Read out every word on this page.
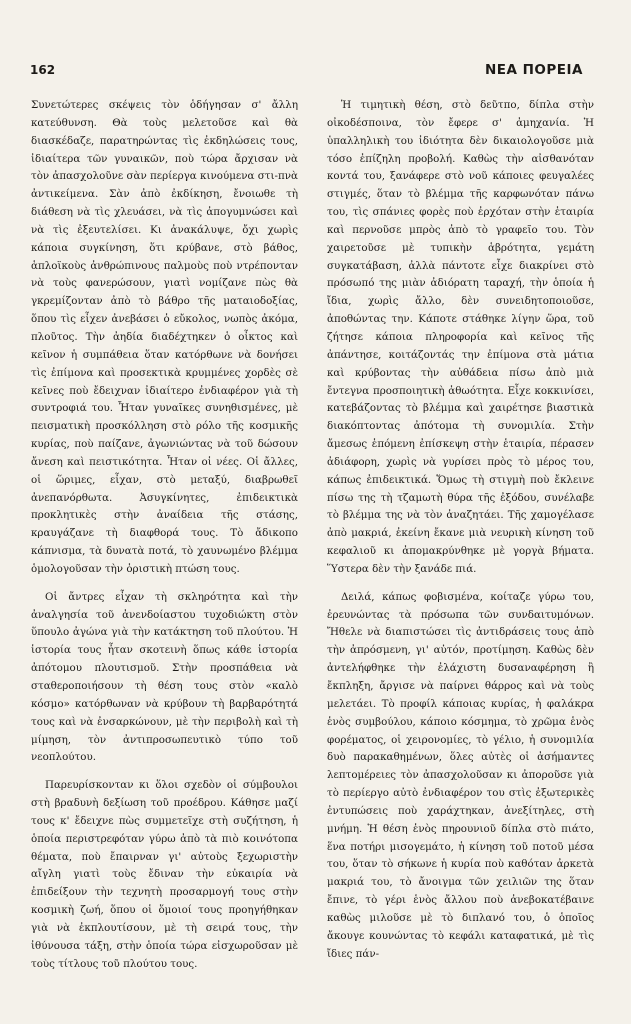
162	ΝΕΑ ΠΟΡΕΙΑ

Συνετώτερες σκέψεις τὸν ὁδήγησαν σ' ἄλλη κατεύθυνση. Θὰ τοὺς μελετοῦσε καὶ θὰ διασκέδαζε, παρατηρώντας τὶς ἐκδηλώσεις τους, ἰδιαίτερα τῶν γυναικῶν, ποὺ τώρα ἄρχισαν νὰ τὸν ἀπασχολοῦνε σὰν περίεργα κινούμενα στι-πνὰ ἀντικείμενα. Σὰν ἀπὸ ἐκδίκηση, ἔνοιωθε τὴ διάθεση νὰ τὶς χλευάσει, νὰ τὶς ἀπογυμνώσει καὶ νὰ τὶς ἐξευτελίσει. Κι ἀνακάλυψε, ὄχι χωρὶς κάποια συγκίνηση, ὅτι κρύβανε, στὸ βάθος, ἁπλοϊκοὺς ἀνθρώπινους παλμοὺς ποὺ ντρέπονταν νὰ τοὺς φανερώσουν, γιατὶ νομίζανε πὼς θὰ γκρεμίζονταν ἀπὸ τὸ βάθρο τῆς ματαιοδοξίας, ὅπου τὶς εἶχεν ἀνεβάσει ὁ εὔκολος, νωπὸς ἀκόμα, πλοῦτος. Τὴν ἀηδία διαδέχτηκεν ὁ οἶκτος καὶ κεῖνον ἡ συμπάθεια ὅταν κατόρθωνε νὰ δονήσει τὶς ἐπίμονα καὶ προσεκτικὰ κρυμμένες χορδὲς σὲ κεῖνες ποὺ ἔδειχναν ἰδιαίτερο ἐνδιαφέρον γιὰ τὴ συντροφιά του. Ἦταν γυναῖκες συνηθισμένες, μὲ πεισματικὴ προσκόλληση στὸ ρόλο τῆς κοσμικῆς κυρίας, ποὺ παίζανε, ἀγωνιώντας νὰ τοῦ δώσουν ἄνεση καὶ πειστικότητα. Ἦταν οἱ νέες. Οἱ ἄλλες, οἱ ὥριμες, εἶχαν, στὸ μεταξύ, διαβρωθεῖ ἀνεπανόρθωτα. Ἀσυγκίνητες, ἐπιδεικτικὰ προκλητικὲς στὴν ἀναίδεια τῆς στάσης, κραυγάζανε τὴ διαφθορά τους. Τὸ ἄδικοπο κάπνισμα, τὰ δυνατὰ ποτά, τὸ χαυνωμένο βλέμμα ὁμολογοῦσαν τὴν ὁριστικὴ πτώση τους.

Οἱ ἄντρες εἶχαν τὴ σκληρότητα καὶ τὴν ἀναλγησία τοῦ ἀνενδοίαστου τυχοδιώκτη στὸν ὕπουλο ἀγώνα γιὰ τὴν κατάκτηση τοῦ πλούτου. Ἡ ἱστορία τους ἦταν σκοτεινὴ ὅπως κάθε ἱστορία ἀπότομου πλουτισμοῦ. Στὴν προσπάθεια νὰ σταθεροποιήσουν τὴ θέση τους στὸν «καλὸ κόσμο» κατόρθωναν νὰ κρύβουν τὴ βαρβαρότητά τους καὶ νὰ ἐνσαρκώνουν, μὲ τὴν περιβολὴ καὶ τὴ μίμηση, τὸν ἀντιπροσωπευτικὸ τύπο τοῦ νεοπλούτου.

Παρευρίσκονταν κι ὅλοι σχεδὸν οἱ σύμβουλοι στὴ βραδυνὴ δεξίωση τοῦ προέδρου. Κάθησε μαζί τους κ' ἔδειχνε πὼς συμμετεῖχε στὴ συζήτηση, ἡ ὁποία περιστρεφόταν γύρω ἀπὸ τὰ πιὸ κοινότοπα θέματα, ποὺ ἔπαιρναν γι' αὐτοὺς ξεχωριστὴν αἴγλη γιατὶ τοὺς ἔδιναν τὴν εὐκαιρία νὰ ἐπιδείξουν τὴν τεχνητὴ προσαρμογή τους στὴν κοσμικὴ ζωή, ὅπου οἱ ὅμοιοί τους προηγήθηκαν γιὰ νὰ ἐκπλουτίσουν, μὲ τὴ σειρά τους, τὴν ἰθύνουσα τάξη, στὴν ὁποία τώρα εἰσχωροῦσαν μὲ τοὺς τίτλους τοῦ πλούτου τους.

Ἡ τιμητικὴ θέση, στὸ δεῦτπο, δίπλα στὴν οἰκοδέσποινα, τὸν ἔφερε σ' ἀμηχανία. Ἡ ὑπαλληλικὴ του ἰδιότητα δὲν δικαιολογοῦσε μιὰ τόσο ἐπίζηλη προβολή. Καθὼς τὴν αἰσθανόταν κοντά του, ξανάφερε στὸ νοῦ κάποιες φευγαλέες στιγμές, ὅταν τὸ βλέμμα τῆς καρφωνόταν πάνω του, τὶς σπάνιες φορὲς ποὺ ἐρχόταν στὴν ἑταιρία καὶ περνοῦσε μπρὸς ἀπὸ τὸ γραφεῖο του. Τὸν χαιρετοῦσε μὲ τυπικὴν ἁβρότητα, γεμάτη συγκατάβαση, ἀλλὰ πάντοτε εἶχε διακρίνει στὸ πρόσωπό της μιὰν ἀδιόρατη ταραχή, τὴν ὁποία ἡ ἴδια, χωρὶς ἄλλο, δὲν συνειδητοποιοῦσε, ἀποθώντας την. Κάποτε στάθηκε λίγην ὥρα, τοῦ ζήτησε κάποια πληροφορία καὶ κεῖνος τῆς ἀπάντησε, κοιτάζοντάς την ἐπίμονα στὰ μάτια καὶ κρύβοντας τὴν αὐθάδεια πίσω ἀπὸ μιὰ ἔντεγνα προσποιητικὴ ἀθωότητα. Εἶχε κοκκινίσει, κατεβάζοντας τὸ βλέμμα καὶ χαιρέτησε βιαστικὰ διακόπτοντας ἀπότομα τὴ συνομιλία. Στὴν ἄμεσως ἑπόμενη ἐπίσκεψη στὴν ἑταιρία, πέρασεν ἀδιάφορη, χωρὶς νὰ γυρίσει πρὸς τὸ μέρος του, κάπως ἐπιδεικτικά. Ὅμως τὴ στιγμὴ ποὺ ἔκλεινε πίσω της τὴ τζαμωτὴ θύρα τῆς ἐξόδου, συνέλαβε τὸ βλέμμα της νὰ τὸν ἀναζητάει. Τῆς χαμογέλασε ἀπὸ μακριά, ἐκείνη ἔκανε μιὰ νευρικὴ κίνηση τοῦ κεφαλιοῦ κι ἀπομακρύνθηκε μὲ γοργὰ βήματα. Ὕστερα δὲν τὴν ξανάδε πιά.

Δειλά, κάπως φοβισμένα, κοίταζε γύρω του, ἐρευνώντας τὰ πρόσωπα τῶν συνδαιτυμόνων. Ἤθελε νὰ διαπιστώσει τὶς ἀντιδράσεις τους ἀπὸ τὴν ἀπρόσμενη, γι' αὐτόν, προτίμηση. Καθὼς δὲν ἀντελήφθηκε τὴν ἐλάχιστη δυσαναφέρηση ἢ ἔκπληξη, ἄργισε νὰ παίρνει θάρρος καὶ νὰ τοὺς μελετάει. Τὸ προφίλ κάποιας κυρίας, ἡ φαλάκρα ἑνὸς συμβούλου, κάποιο κόσμημα, τὸ χρῶμα ἑνὸς φορέματος, οἱ χειρονομίες, τὸ γέλιο, ἡ συνομιλία δυὸ παρακαθημένων, ὅλες αὐτὲς οἱ ἀσήμαντες λεπτομέρειες τὸν ἀπασχολοῦσαν κι ἀποροῦσε γιὰ τὸ περίεργο αὐτὸ ἐνδιαφέρον του στὶς ἐξωτερικὲς ἐντυπώσεις ποὺ χαράχτηκαν, ἀνεξίτηλες, στὴ μνήμη. Ἡ θέση ἑνὸς πηρουνιοῦ δίπλα στὸ πιάτο, ἕνα ποτήρι μισογεμάτο, ἡ κίνηση τοῦ ποτοῦ μέσα του, ὅταν τὸ σήκωνε ἡ κυρία ποὺ καθόταν ἀρκετὰ μακριά του, τὸ ἄνοιγμα τῶν χειλιῶν της ὅταν ἔπινε, τὸ γέρι ἑνὸς ἄλλου ποὺ ἀνεβοκατέβαινε καθὼς μιλοῦσε μὲ τὸ διπλανό του, ὁ ὁποῖος ἄκουγε κουνώντας τὸ κεφάλι καταφατικά, μὲ τὶς ἴδιες πάν-
